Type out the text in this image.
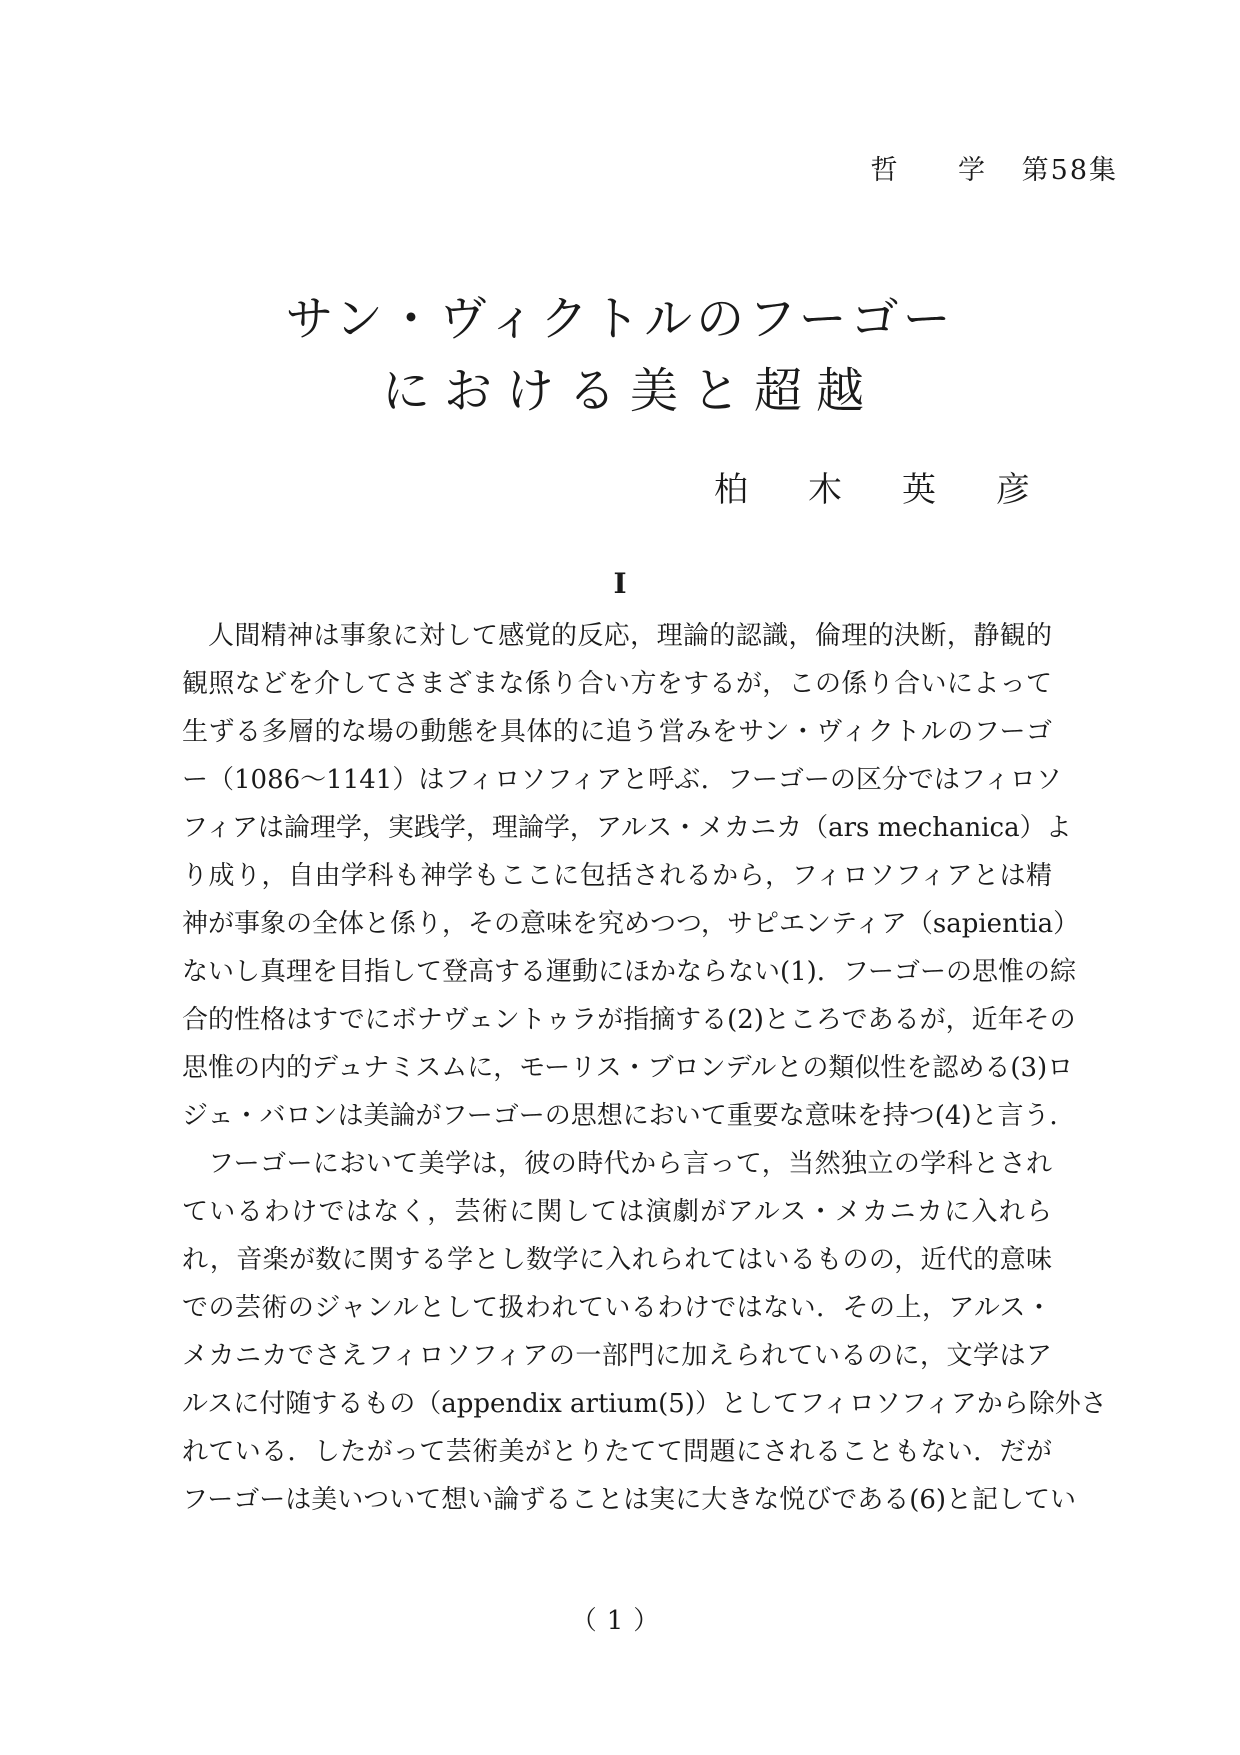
哲 学 第58集
サン・ヴィクトルのフーゴー
における美と超越
柏木英彦
I
人間精神は事象に対して感覚的反応，理論的認識，倫理的決断，静観的
観照などを介してさまざまな係り合い方をするが，この係り合いによって
生ずる多層的な場の動態を具体的に追う営みをサン・ヴィクトルのフーゴ
ー（1086～1141）はフィロソフィアと呼ぶ．フーゴーの区分ではフィロソ
フィアは論理学，実践学，理論学，アルス・メカニカ（ars mechanica）よ
り成り，自由学科も神学もここに包括されるから，フィロソフィアとは精
神が事象の全体と係り，その意味を究めつつ，サピエンティア（sapientia）
ないし真理を目指して登高する運動にほかならない(1)．フーゴーの思惟の綜
合的性格はすでにボナヴェントゥラが指摘する(2)ところであるが，近年その
思惟の内的デュナミスムに，モーリス・ブロンデルとの類似性を認める(3)ロ
ジェ・バロンは美論がフーゴーの思想において重要な意味を持つ(4)と言う．
フーゴーにおいて美学は，彼の時代から言って，当然独立の学科とされ
ているわけではなく，芸術に関しては演劇がアルス・メカニカに入れら
れ，音楽が数に関する学とし数学に入れられてはいるものの，近代的意味
での芸術のジャンルとして扱われているわけではない．その上，アルス・
メカニカでさえフィロソフィアの一部門に加えられているのに，文学はア
ルスに付随するもの（appendix artium(5)）としてフィロソフィアから除外さ
れている．したがって芸術美がとりたてて問題にされることもない．だが
フーゴーは美いついて想い論ずることは実に大きな悦びである(6)と記してい
（1）
